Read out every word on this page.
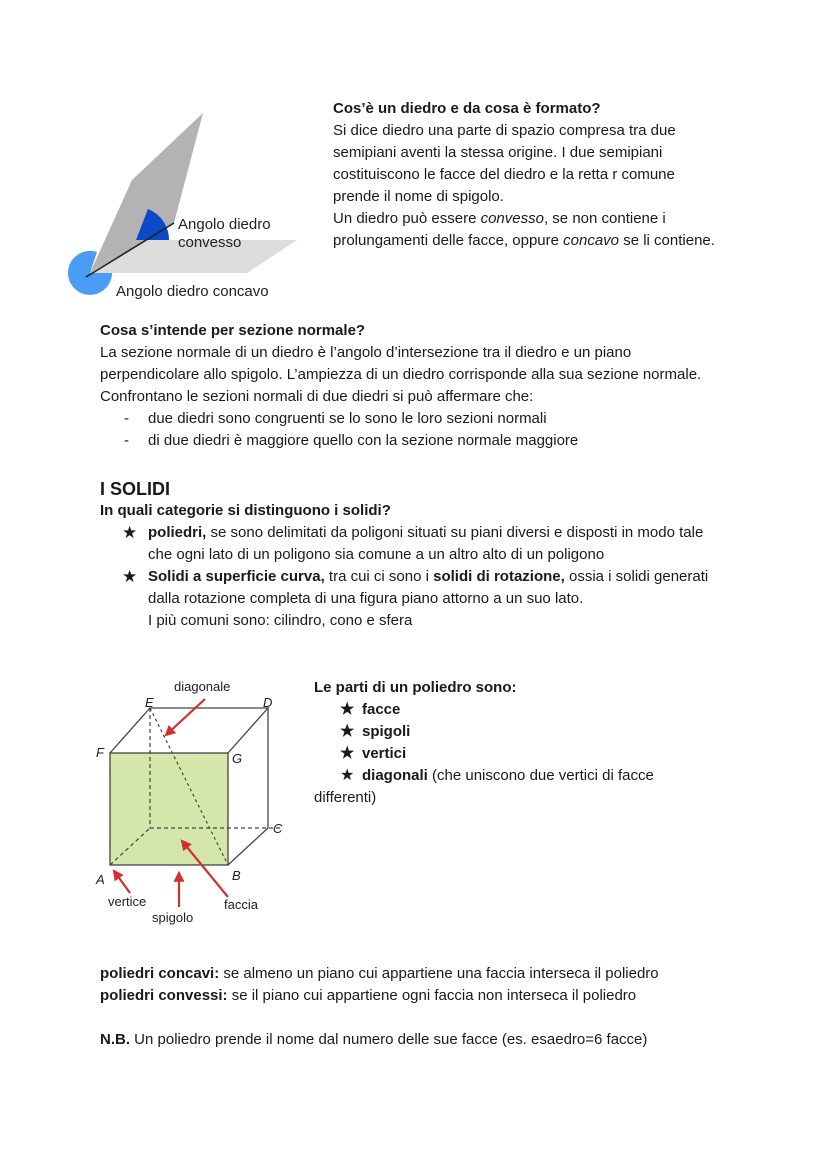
Angolo diedro
convesso
Angolo diedro concavo

Cos’è un diedro e da cosa è formato?

Si dice diedro una parte di spazio compresa tra due semipiani aventi la stessa origine. I due semipiani costituiscono le facce del diedro e la retta r comune prende il nome di spigolo.

Un diedro può essere convesso, se non contiene i prolungamenti delle facce, oppure concavo se li contiene.

Cosa s’intende per sezione normale?

La sezione normale di un diedro è l’angolo d’intersezione tra il diedro e un piano perpendicolare allo spigolo. L’ampiezza di un diedro corrisponde alla sua sezione normale. Confrontano le sezioni normali di due diedri si può affermare che:

- due diedri sono congruenti se lo sono le loro sezioni normali
- di due diedri è maggiore quello con la sezione normale maggiore

I SOLIDI

In quali categorie si distinguono i solidi?

★ poliedri, se sono delimitati da poligoni situati su piani diversi e disposti in modo tale che ogni lato di un poligono sia comune a un altro alto di un poligono
★ Solidi a superficie curva, tra cui ci sono i solidi di rotazione, ossia i solidi generati dalla rotazione completa di una figura piano attorno a un suo lato.
I più comuni sono: cilindro, cono e sfera
diagonale
E	D
F	G
C
A	B
vertice
spigolo
faccia

Le parti di un poliedro sono:

★ facce
★ spigoli
★ vertici

★ diagonali (che uniscono due vertici di facce differenti)

poliedri concavi: se almeno un piano cui appartiene una faccia interseca il poliedro

poliedri convessi: se il piano cui appartiene ogni faccia non interseca il poliedro

N.B. Un poliedro prende il nome dal numero delle sue facce (es. esaedro=6 facce)
